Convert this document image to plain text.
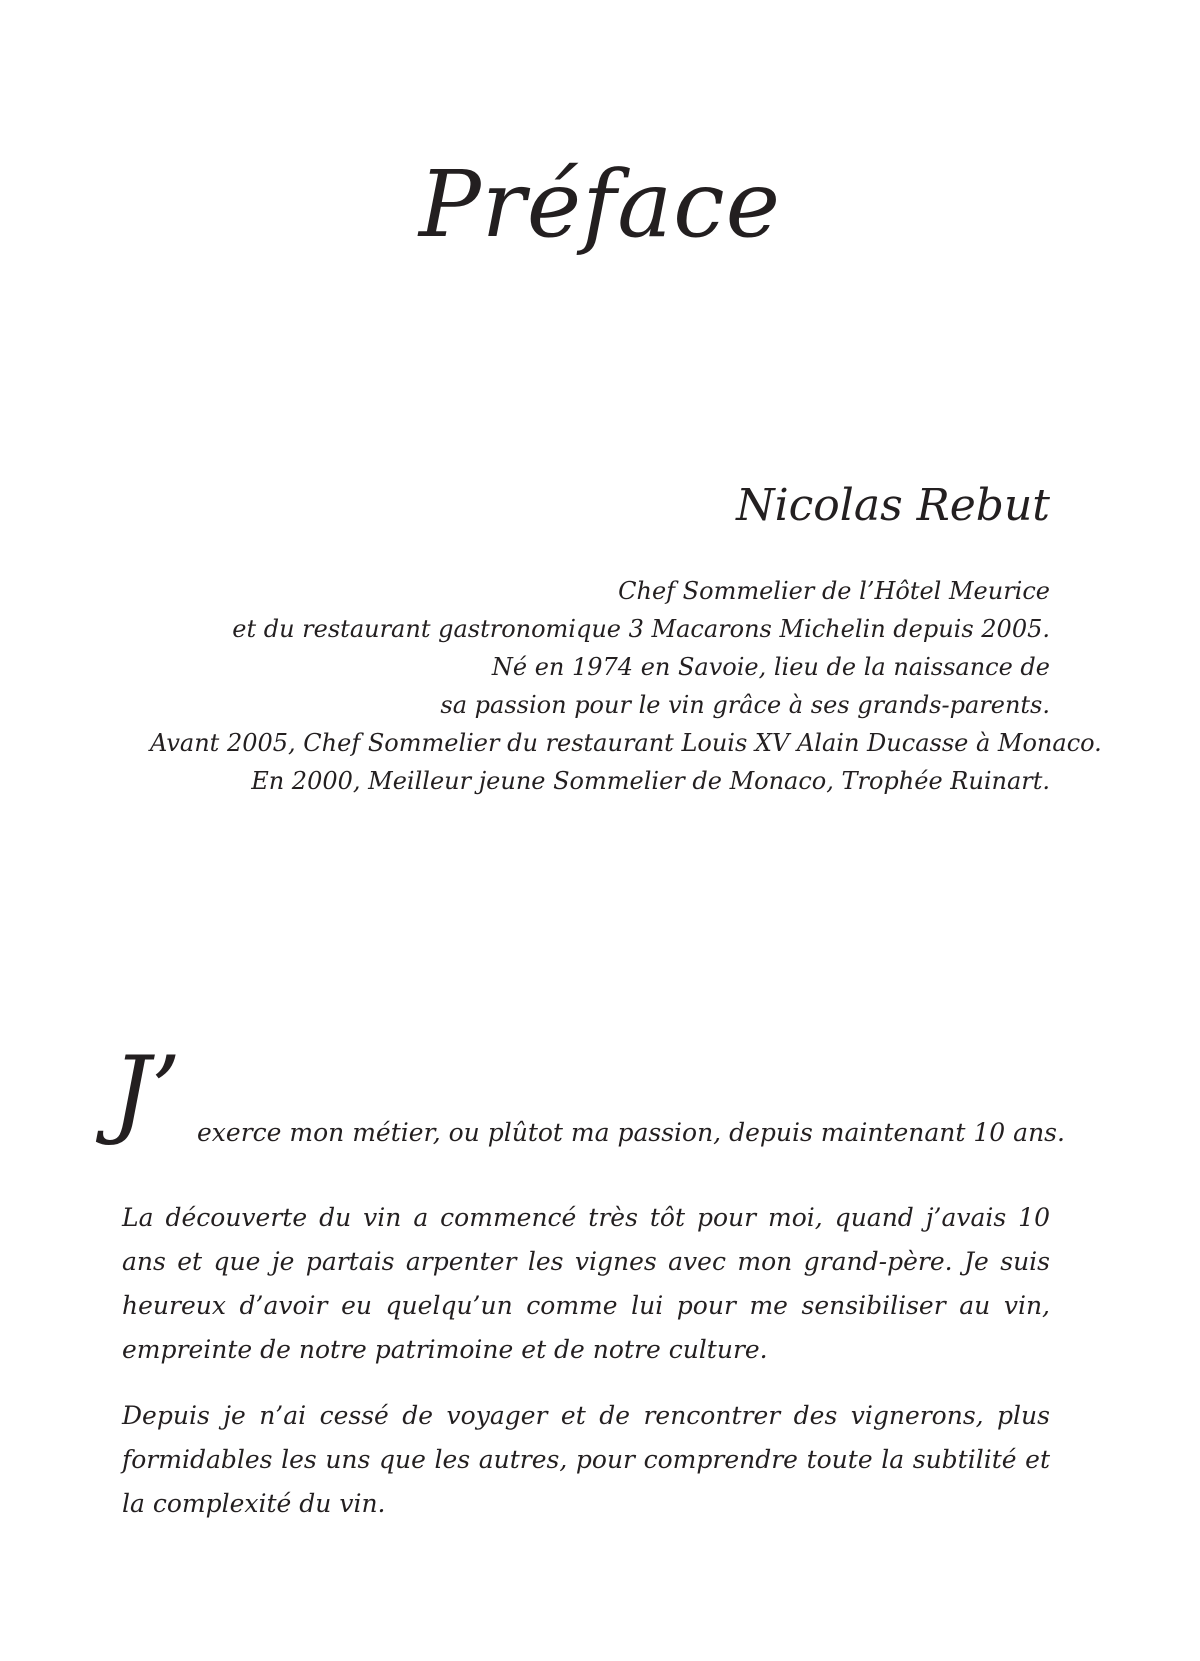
Préface

Nicolas Rebut

Chef Sommelier de l’Hôtel Meurice
et du restaurant gastronomique 3 Macarons Michelin depuis 2005.
Né en 1974 en Savoie, lieu de la naissance de
sa passion pour le vin grâce à ses grands-parents.
Avant 2005, Chef Sommelier du restaurant Louis XV Alain Ducasse à Monaco.
En 2000, Meilleur jeune Sommelier de Monaco, Trophée Ruinart.

J’ exerce mon métier, ou plûtot ma passion, depuis maintenant 10 ans.

La découverte du vin a commencé très tôt pour moi, quand j’avais 10 ans et que je partais arpenter les vignes avec mon grand-père. Je suis heureux d’avoir eu quelqu’un comme lui pour me sensibiliser au vin, empreinte de notre patrimoine et de notre culture.

Depuis je n’ai cessé de voyager et de rencontrer des vignerons, plus formidables les uns que les autres, pour comprendre toute la subtilité et la complexité du vin.
